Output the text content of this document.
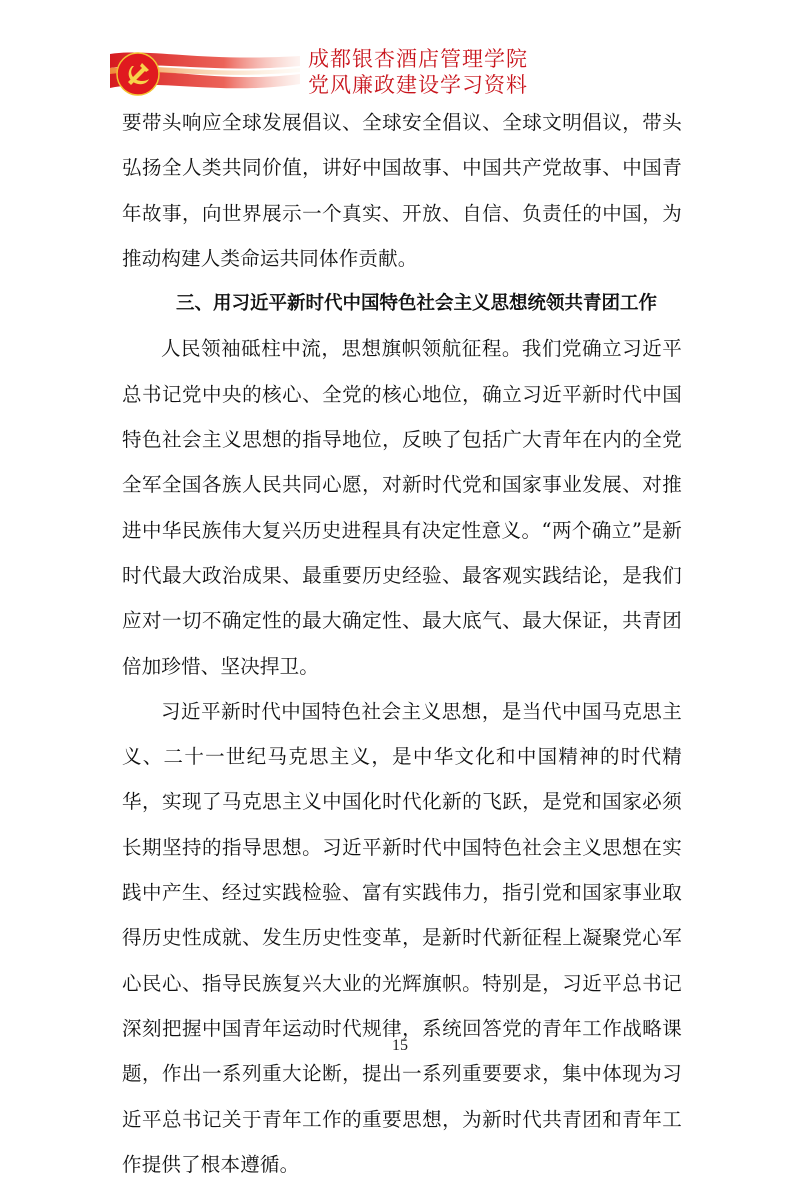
成都银杏酒店管理学院
党风廉政建设学习资料

要带头响应全球发展倡议、全球安全倡议、全球文明倡议，带头弘扬全人类共同价值，讲好中国故事、中国共产党故事、中国青年故事，向世界展示一个真实、开放、自信、负责任的中国，为推动构建人类命运共同体作贡献。

三、用习近平新时代中国特色社会主义思想统领共青团工作

人民领袖砥柱中流，思想旗帜领航征程。我们党确立习近平总书记党中央的核心、全党的核心地位，确立习近平新时代中国特色社会主义思想的指导地位，反映了包括广大青年在内的全党全军全国各族人民共同心愿，对新时代党和国家事业发展、对推进中华民族伟大复兴历史进程具有决定性意义。“两个确立”是新时代最大政治成果、最重要历史经验、最客观实践结论，是我们应对一切不确定性的最大确定性、最大底气、最大保证，共青团倍加珍惜、坚决捍卫。

习近平新时代中国特色社会主义思想，是当代中国马克思主义、二十一世纪马克思主义，是中华文化和中国精神的时代精华，实现了马克思主义中国化时代化新的飞跃，是党和国家必须长期坚持的指导思想。习近平新时代中国特色社会主义思想在实践中产生、经过实践检验、富有实践伟力，指引党和国家事业取得历史性成就、发生历史性变革，是新时代新征程上凝聚党心军心民心、指导民族复兴大业的光辉旗帜。特别是，习近平总书记深刻把握中国青年运动时代规律，系统回答党的青年工作战略课题，作出一系列重大论断，提出一系列重要要求，集中体现为习近平总书记关于青年工作的重要思想，为新时代共青团和青年工作提供了根本遵循。

15
